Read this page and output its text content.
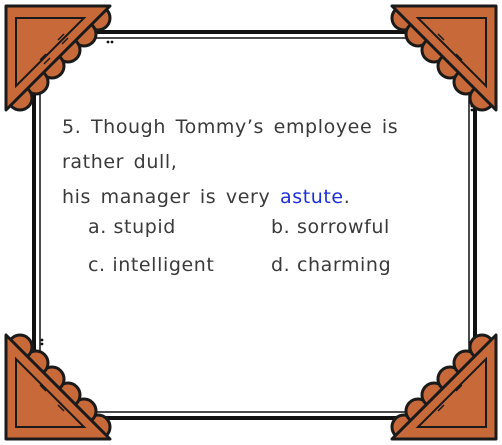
5. Though Tommy’s employee is
rather dull,
his manager is very astute.
a. stupid	b. sorrowful
c. intelligent	d. charming
